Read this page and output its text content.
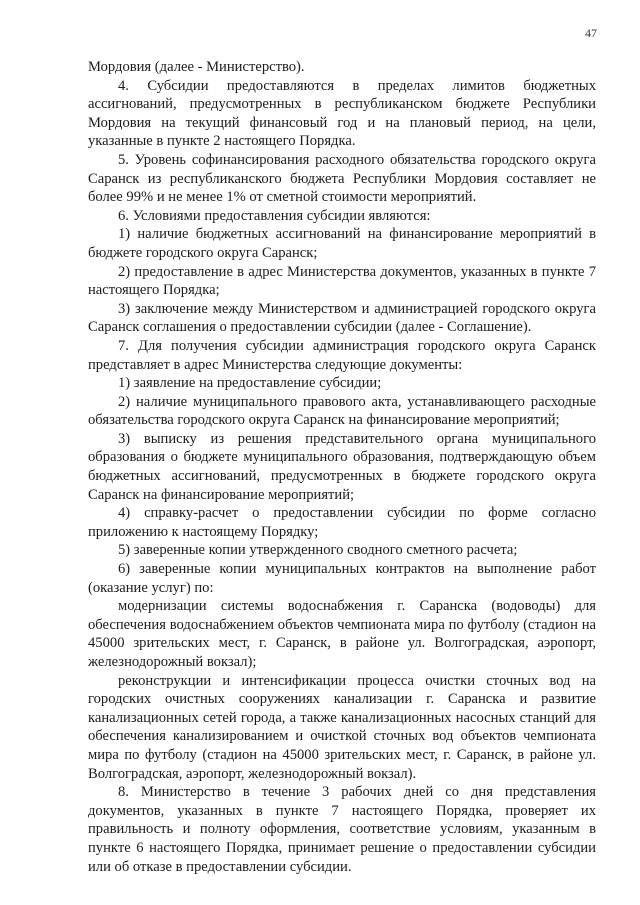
47

Мордовия (далее - Министерство).

4. Субсидии предоставляются в пределах лимитов бюджетных ассигнований, предусмотренных в республиканском бюджете Республики Мордовия на текущий финансовый год и на плановый период, на цели, указанные в пункте 2 настоящего Порядка.

5. Уровень софинансирования расходного обязательства городского округа Саранск из республиканского бюджета Республики Мордовия составляет не более 99% и не менее 1% от сметной стоимости мероприятий.

6. Условиями предоставления субсидии являются:

1) наличие бюджетных ассигнований на финансирование мероприятий в бюджете городского округа Саранск;

2) предоставление в адрес Министерства документов, указанных в пункте 7 настоящего Порядка;

3) заключение между Министерством и администрацией городского округа Саранск соглашения о предоставлении субсидии (далее - Соглашение).

7. Для получения субсидии администрация городского округа Саранск представляет в адрес Министерства следующие документы:

1) заявление на предоставление субсидии;

2) наличие муниципального правового акта, устанавливающего расходные обязательства городского округа Саранск на финансирование мероприятий;

3) выписку из решения представительного органа муниципального образования о бюджете муниципального образования, подтверждающую объем бюджетных ассигнований, предусмотренных в бюджете городского округа Саранск на финансирование мероприятий;

4) справку-расчет о предоставлении субсидии по форме согласно приложению к настоящему Порядку;

5) заверенные копии утвержденного сводного сметного расчета;

6) заверенные копии муниципальных контрактов на выполнение работ (оказание услуг) по:

модернизации системы водоснабжения г. Саранска (водоводы) для обеспечения водоснабжением объектов чемпионата мира по футболу (стадион на 45000 зрительских мест, г. Саранск, в районе ул. Волгоградская, аэропорт, железнодорожный вокзал);

реконструкции и интенсификации процесса очистки сточных вод на городских очистных сооружениях канализации г. Саранска и развитие канализационных сетей города, а также канализационных насосных станций для обеспечения канализированием и очисткой сточных вод объектов чемпионата мира по футболу (стадион на 45000 зрительских мест, г. Саранск, в районе ул. Волгоградская, аэропорт, железнодорожный вокзал).

8. Министерство в течение 3 рабочих дней со дня представления документов, указанных в пункте 7 настоящего Порядка, проверяет их правильность и полноту оформления, соответствие условиям, указанным в пункте 6 настоящего Порядка, принимает решение о предоставлении субсидии или об отказе в предоставлении субсидии.
